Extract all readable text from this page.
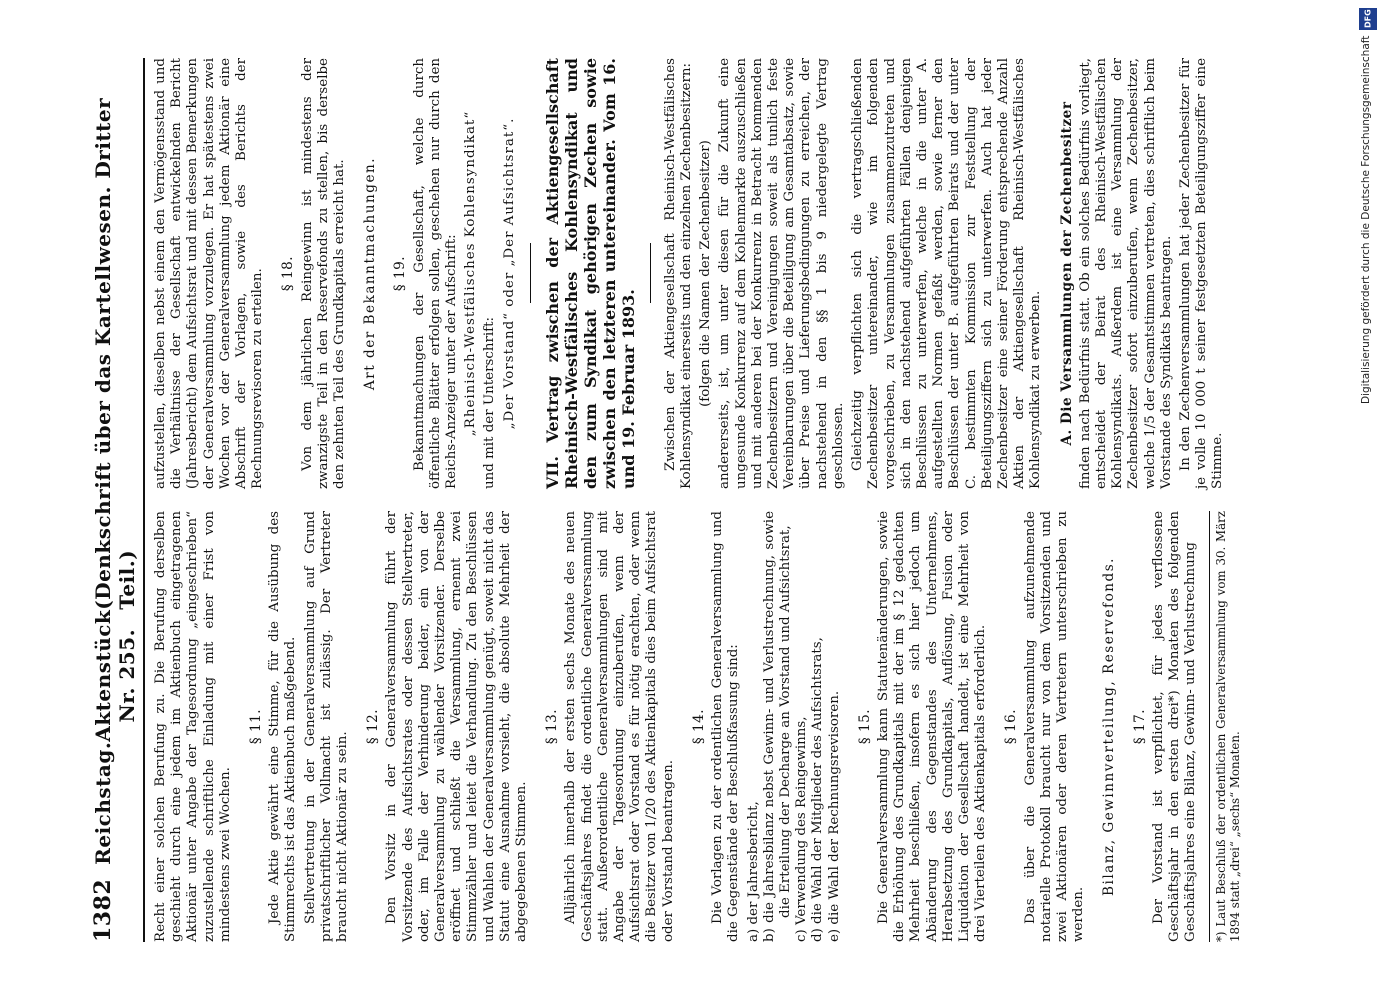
1382
Reichstag.
Aktenstück Nr. 255.
(Denkschrift über das Kartellwesen. Dritter Teil.) Recht einer solchen Berufung zu. Die Berufung derselben geschieht durch eine jedem im Aktienbuch eingetragenen Aktionär unter Angabe der Tagesordnung „eingeschrieben“ zuzustellende schriftliche Einladung mit einer Frist von mindestens zwei Wochen.

§ 11. Jede Aktie gewährt eine Stimme, für die Ausübung des Stimmrechts ist das Aktienbuch maßgebend. Stellvertretung in der Generalversammlung auf Grund privatschriftlicher Vollmacht ist zulässig. Der Vertreter braucht nicht Aktionär zu sein.

§ 12. Den Vorsitz in der Generalversammlung führt der Vorsitzende des Aufsichtsrates oder dessen Stellvertreter, oder, im Falle der Verhinderung beider, ein von der Generalversammlung zu wählender Vorsitzender. Derselbe eröffnet und schließt die Versammlung, ernennt zwei Stimmzähler und leitet die Verhandlung. Zu den Beschlüssen und Wahlen der Generalversammlung genügt, soweit nicht das Statut eine Ausnahme vorsieht, die absolute Mehrheit der abgegebenen Stimmen.

§ 13. Alljährlich innerhalb der ersten sechs Monate des neuen Geschäftsjahres findet die ordentliche Generalversammlung statt. Außerordentliche Generalversammlungen sind mit Angabe der Tagesordnung einzuberufen, wenn der Aufsichtsrat oder Vorstand es für nötig erachten, oder wenn die Besitzer von 1/20 des Aktienkapitals dies beim Aufsichtsrat oder Vorstand beantragen.

§ 14. Die Vorlagen zu der ordentlichen Generalversammlung und die Gegenstände der Beschlußfassung sind: a) der Jahresbericht, b) die Jahresbilanz nebst Gewinn- und Verlustrechnung, sowie die Erteilung der Decharge an Vorstand und Aufsichtsrat, c) Verwendung des Reingewinns, d) die Wahl der Mitglieder des Aufsichtsrats, e) die Wahl der Rechnungsrevisoren. § 15. Die Generalversammlung kann Statutenänderungen, sowie die Erhöhung des Grundkapitals mit der im § 12 gedachten Mehrheit beschließen, insofern es sich hier jedoch um Abänderung des Gegenstandes des Unternehmens, Herabsetzung des Grundkapitals, Auflösung, Fusion oder Liquidation der Gesellschaft handelt, ist eine Mehrheit von drei Vierteilen des Aktienkapitals erforderlich. § 16. Das über die Generalversammlung aufzunehmende notarielle Protokoll braucht nur von dem Vorsitzenden und zwei Aktionären oder deren Vertretern unterschrieben zu werden.

Bilanz, Gewinnverteilung, Reservefonds. § 17. Der Vorstand ist verpflichtet, für jedes verflossene Geschäftsjahr in den ersten drei*) Monaten des folgenden Geschäftsjahres eine Bilanz, Gewinn- und Verlustrechnung	*) Laut Beschluß der ordentlichen Generalversammlung vom 30. März 1894 statt „drei“ „sechs“ Monaten.

aufzustellen, dieselben nebst einem den Vermögensstand und die Verhältnisse der Gesellschaft entwickelnden Bericht (Jahresbericht) dem Aufsichtsrat und mit dessen Bemerkungen der Generalversammlung vorzulegen. Er hat spätestens zwei Wochen vor der Generalversammlung jedem Aktionär eine Abschrift der Vorlagen, sowie des Berichts der Rechnungsrevisoren zu erteilen. § 18. Von dem jährlichen Reingewinn ist mindestens der zwanzigste Teil in den Reservefonds zu stellen, bis derselbe den zehnten Teil des Grundkapitals erreicht hat. Art der Bekanntmachungen. § 19. Bekanntmachungen der Gesellschaft, welche durch öffentliche Blätter erfolgen sollen, geschehen nur durch den Reichs-Anzeiger unter der Aufschrift: „Rheinisch-Westfälisches Kohlensyndikat“ und mit der Unterschrift: „Der Vorstand“ oder „Der Aufsichtsrat“. VII. Vertrag zwischen der Aktiengesellschaft Rheinisch-Westfälisches Kohlensyndikat und den zum Syndikat gehörigen Zechen sowie zwischen den letzteren untereinander. Vom 16. und 19. Februar 1893. Zwischen der Aktiengesellschaft Rheinisch-Westfälisches Kohlensyndikat einerseits und den einzelnen Zechenbesitzern: (folgen die Namen der Zechenbesitzer) andererseits, ist, um unter diesen für die Zukunft eine ungesunde Konkurrenz auf dem Kohlenmarkte auszuschließen und mit anderen bei der Konkurrenz in Betracht kommenden Zechenbesitzern und Vereinigungen soweit als tunlich feste Vereinbarungen über die Beteiligung am Gesamtabsatz, sowie über Preise und Lieferungsbedingungen zu erreichen, der nachstehend in den §§ 1 bis 9 niedergelegte Vertrag geschlossen. Gleichzeitig verpflichten sich die vertragschließenden Zechenbesitzer untereinander, wie im folgenden vorgeschrieben, zu Versammlungen zusammenzutreten und sich in den nachstehend aufgeführten Fällen denjenigen Beschlüssen zu unterwerfen, welche in die unter A. aufgestellten Normen gefaßt werden, sowie ferner den Beschlüssen der unter B. aufgeführten Beirats und der unter C. bestimmten Kommission zur Feststellung der Beteiligungsziffern sich zu unterwerfen. Auch hat jeder Zechenbesitzer eine seiner Förderung entsprechende Anzahl Aktien der Aktiengesellschaft Rheinisch-Westfälisches Kohlensyndikat zu erwerben. A. Die Versammlungen der Zechenbesitzer finden nach Bedürfnis statt. Ob ein solches Bedürfnis vorliegt, entscheidet der Beirat des Rheinisch-Westfälischen Kohlensyndikats. Außerdem ist eine Versammlung der Zechenbesitzer sofort einzuberufen, wenn Zechenbesitzer, welche 1/5 der Gesamtstimmen vertreten, dies schriftlich beim Vorstande des Syndikats beantragen. In den Zechenversammlungen hat jeder Zechenbesitzer für je volle 10 000 t seiner festgesetzten Beteiligungsziffer eine Stimme.

DFG
Digitalisierung gefördert durch die Deutsche Forschungsgemeinschaft
